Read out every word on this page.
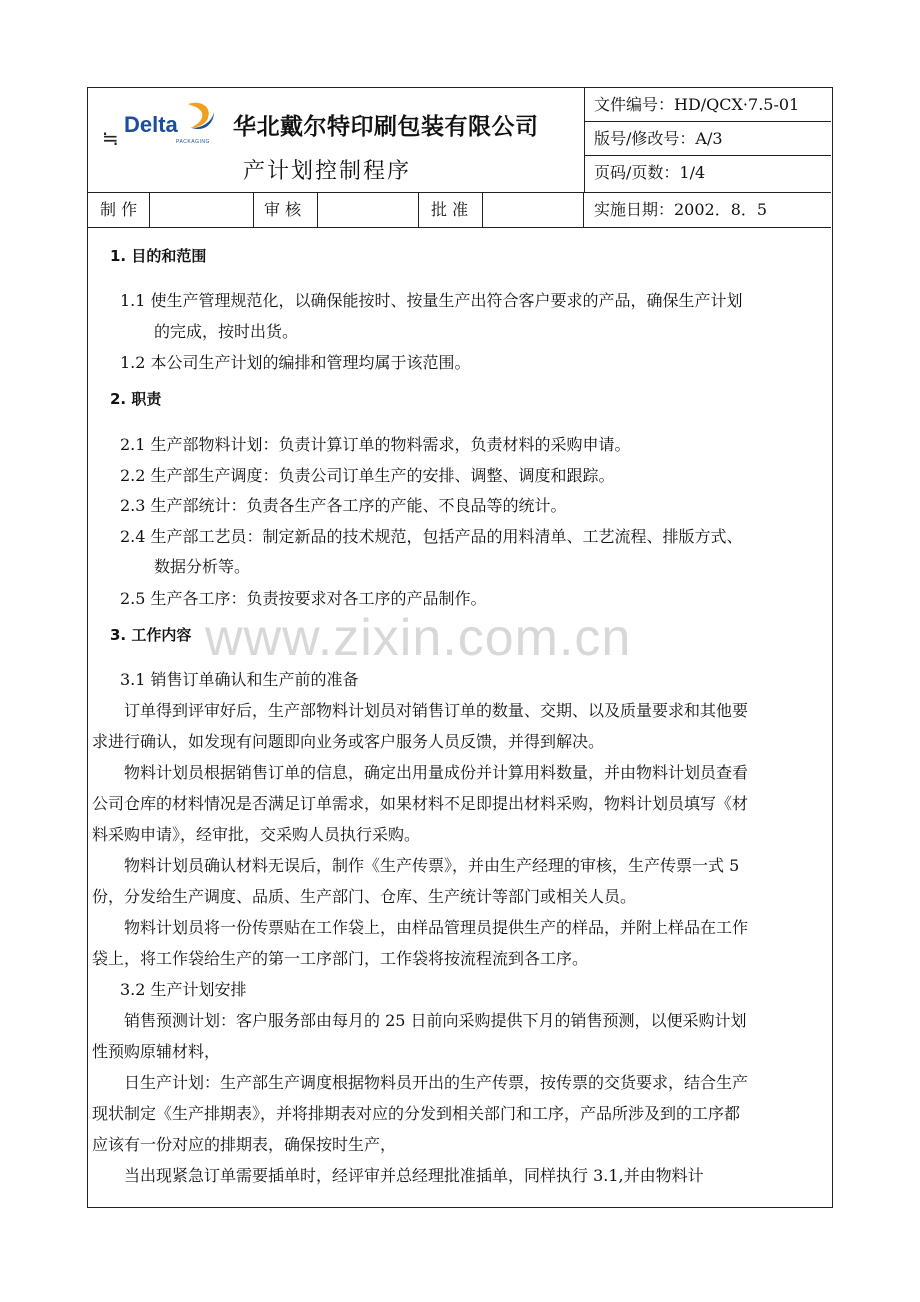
≒
Delta
PACKAGING
华北戴尔特印刷包装有限公司
产计划控制程序
文件编号：HD/QCX·7.5-01
版号/修改号：A/3
页码/页数：1/4
制 作	审 核	批 准	实施日期：2002．8．5
1. 目的和范围
1.1 使生产管理规范化，以确保能按时、按量生产出符合客户要求的产品，确保生产计划
的完成，按时出货。
1.2 本公司生产计划的编排和管理均属于该范围。
2. 职责
2.1 生产部物料计划：负责计算订单的物料需求，负责材料的采购申请。
2.2 生产部生产调度：负责公司订单生产的安排、调整、调度和跟踪。
2.3 生产部统计：负责各生产各工序的产能、不良品等的统计。
2.4 生产部工艺员：制定新品的技术规范，包括产品的用料清单、工艺流程、排版方式、
数据分析等。
2.5 生产各工序：负责按要求对各工序的产品制作。
3. 工作内容
3.1 销售订单确认和生产前的准备
订单得到评审好后，生产部物料计划员对销售订单的数量、交期、以及质量要求和其他要
求进行确认，如发现有问题即向业务或客户服务人员反馈，并得到解决。
物料计划员根据销售订单的信息，确定出用量成份并计算用料数量，并由物料计划员查看
公司仓库的材料情况是否满足订单需求，如果材料不足即提出材料采购，物料计划员填写《材
料采购申请》，经审批，交采购人员执行采购。
物料计划员确认材料无误后，制作《生产传票》，并由生产经理的审核，生产传票一式 5
份，分发给生产调度、品质、生产部门、仓库、生产统计等部门或相关人员。
物料计划员将一份传票贴在工作袋上，由样品管理员提供生产的样品，并附上样品在工作
袋上，将工作袋给生产的第一工序部门，工作袋将按流程流到各工序。
3.2 生产计划安排
销售预测计划：客户服务部由每月的 25 日前向采购提供下月的销售预测，以便采购计划
性预购原辅材料，
日生产计划：生产部生产调度根据物料员开出的生产传票，按传票的交货要求，结合生产
现状制定《生产排期表》，并将排期表对应的分发到相关部门和工序，产品所涉及到的工序都
应该有一份对应的排期表，确保按时生产，
当出现紧急订单需要插单时，经评审并总经理批准插单，同样执行 3.1,并由物料计
www.zixin.com.cn
